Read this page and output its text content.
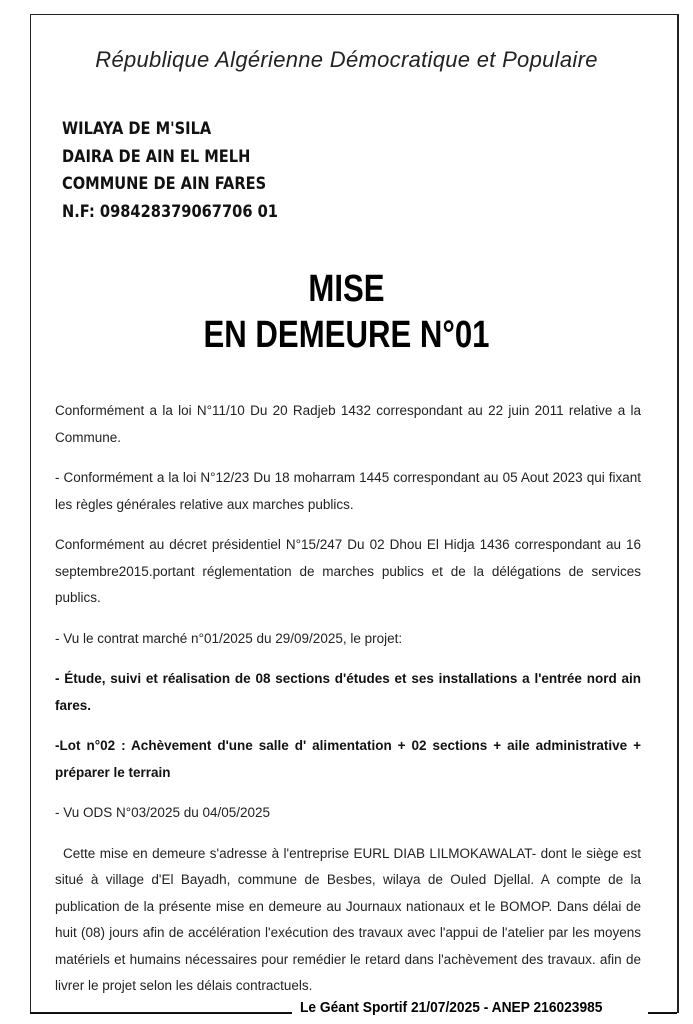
République Algérienne Démocratique et Populaire
WILAYA DE M'SILA
DAIRA DE AIN EL MELH
COMMUNE DE AIN FARES
N.F: 098428379067706 01
MISE
EN DEMEURE N°01

Conformément a la loi N°11/10 Du 20 Radjeb 1432 correspondant au 22 juin 2011 relative a la Commune.

- Conformément a la loi N°12/23 Du 18 moharram 1445 correspondant au 05 Aout 2023 qui fixant les règles générales relative aux marches publics.

Conformément au décret présidentiel N°15/247 Du 02 Dhou El Hidja 1436 correspondant au 16 septembre2015.portant réglementation de marches publics et de la délégations de services publics.

- Vu le contrat marché n°01/2025 du 29/09/2025, le projet:

- Étude, suivi et réalisation de 08 sections d'études et ses installations a l'entrée nord ain fares.

-Lot n°02 : Achèvement d'une salle d' alimentation + 02 sections + aile administrative + préparer le terrain

- Vu ODS N°03/2025 du 04/05/2025

Cette mise en demeure s'adresse à l'entreprise EURL DIAB LILMOKAWALAT- dont le siège est situé à village d'El Bayadh, commune de Besbes, wilaya de Ouled Djellal. A compte de la publication de la présente mise en demeure au Journaux nationaux et le BOMOP. Dans délai de huit (08) jours afin de accélération l'exécution des travaux avec l'appui de l'atelier par les moyens matériels et humains nécessaires pour remédier le retard dans l'achèvement des travaux. afin de livrer le projet selon les délais contractuels.

Le Géant Sportif 21/07/2025 - ANEP 216023985
